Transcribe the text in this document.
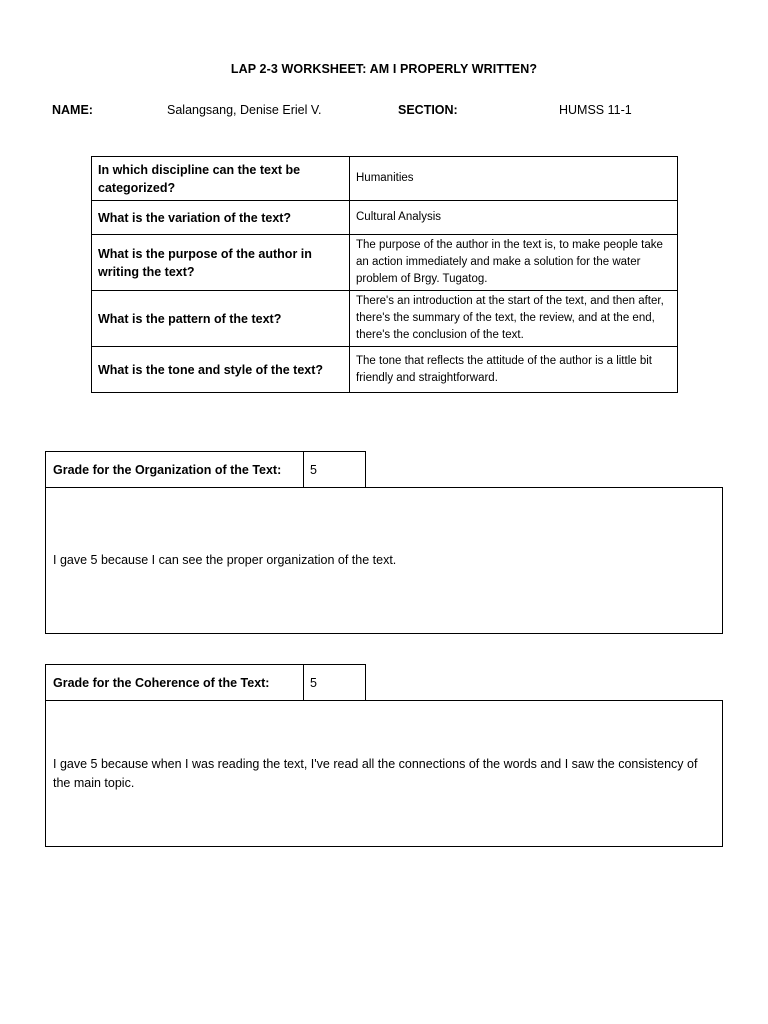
LAP 2-3 WORKSHEET: AM I PROPERLY WRITTEN?
NAME:	Salangsang, Denise Eriel V.	SECTION:	HUMSS 11-1
In which discipline can the text be categorized?	Humanities
What is the variation of the text?	Cultural Analysis
What is the purpose of the author in writing the text?	The purpose of the author in the text is, to make people take an action immediately and make a solution for the water problem of Brgy. Tugatog.
What is the pattern of the text?	There's an introduction at the start of the text, and then after, there's the summary of the text, the review, and at the end, there's the conclusion of the text.
What is the tone and style of the text?	The tone that reflects the attitude of the author is a little bit friendly and straightforward.
Grade for the Organization of the Text:	5
I gave 5 because I can see the proper organization of the text.
Grade for the Coherence of the Text:	5
I gave 5 because when I was reading the text, I've read all the connections of the words and I saw the consistency of the main topic.
